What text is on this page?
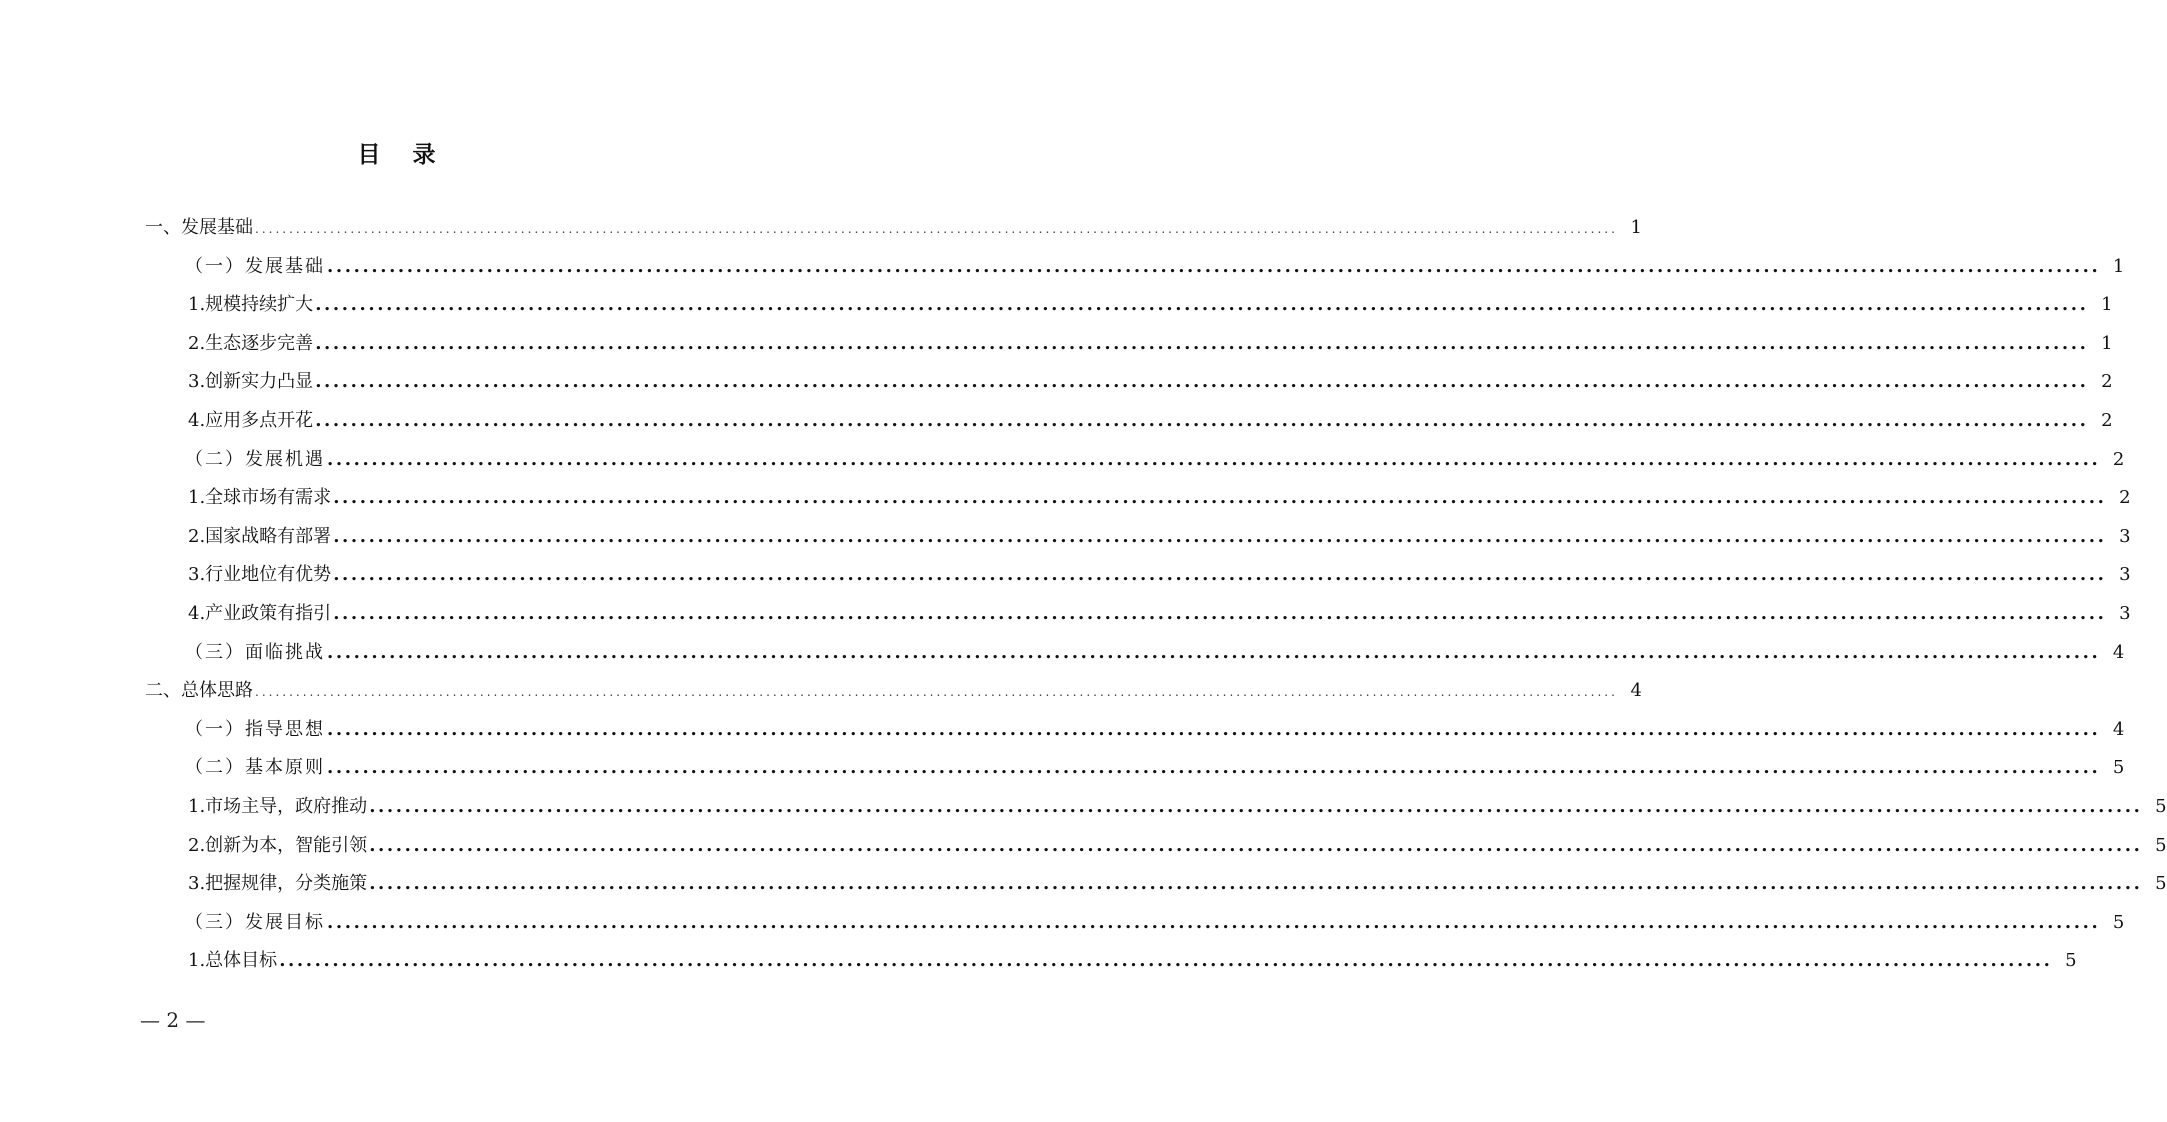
目 录
一、发展基础 ........................................................................................................................................................................................................ 1
（一）发展基础 ........................................................................................................................................................................................................ 1
1.规模持续扩大 ........................................................................................................................................................................................................ 1
2.生态逐步完善 ........................................................................................................................................................................................................ 1
3.创新实力凸显 ........................................................................................................................................................................................................ 2
4.应用多点开花 ........................................................................................................................................................................................................ 2
（二）发展机遇 ........................................................................................................................................................................................................ 2
1.全球市场有需求 ........................................................................................................................................................................................................ 2
2.国家战略有部署 ........................................................................................................................................................................................................ 3
3.行业地位有优势 ........................................................................................................................................................................................................ 3
4.产业政策有指引 ........................................................................................................................................................................................................ 3
（三）面临挑战 ........................................................................................................................................................................................................ 4
二、总体思路 ........................................................................................................................................................................................................ 4
（一）指导思想 ........................................................................................................................................................................................................ 4
（二）基本原则 ........................................................................................................................................................................................................ 5
1.市场主导，政府推动 ........................................................................................................................................................................................................ 5
2.创新为本，智能引领 ........................................................................................................................................................................................................ 5
3.把握规律，分类施策 ........................................................................................................................................................................................................ 5
（三）发展目标 ........................................................................................................................................................................................................ 5
1.总体目标 ........................................................................................................................................................................................................ 5
— 2 —
